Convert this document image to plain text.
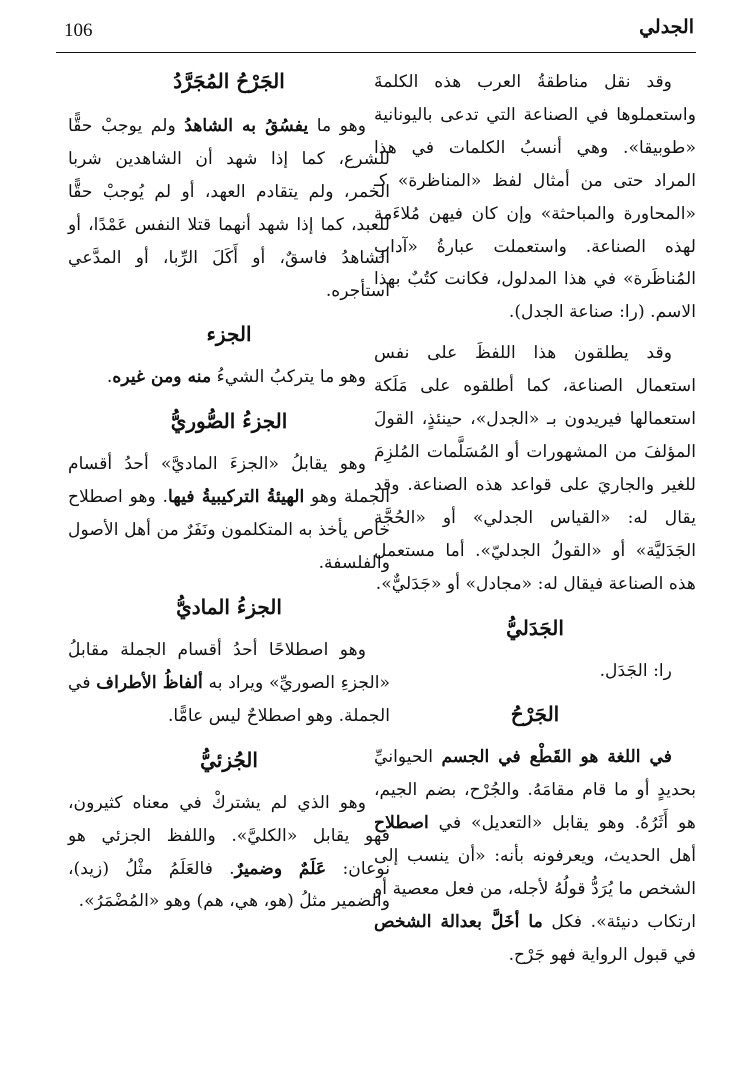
106	الجدلي

وقد نقل مناطقةُ العرب هذه الكلمةَ واستعملوها في الصناعة التي تدعى باليونانية «طوبيقا». وهي أنسبُ الكلمات في هذا المراد حتى من أمثال لفظ «المناظرة» كـ «المحاورة والمباحثة» وإن كان فيهن مُلاءَمة لهذه الصناعة. واستعملت عبارةُ «آدابِ المُناظَرة» في هذا المدلول، فكانت كتُبٌ بهذا الاسم. (را: صناعة الجدل).

وقد يطلقون هذا اللفظَ على نفس استعمال الصناعة، كما أطلقوه على مَلَكة استعمالها فيريدون بـ «الجدل»، حينئذٍ، القولَ المؤلفَ من المشهورات أو المُسَلَّمات المُلزِمَ للغير والجاريَ على قواعد هذه الصناعة. وقد يقال له: «القياس الجدلي» أو «الحُجَّة الجَدَليَّة» أو «القولُ الجدليّ». أما مستعمل هذه الصناعة فيقال له: «مجادل» أو «جَدَليٌّ».

الجَدَليُّ

را: الجَدَل.

الجَرْحُ

في اللغة هو القَطْع في الجسم الحيوانيِّ بحديدٍ أو ما قام مقامَهُ. والجُرْح، بضم الجيم، هو أَثَرُهُ. وهو يقابل «التعديل» في اصطلاح أهل الحديث، ويعرفونه بأنه: «أن ينسب إلى الشخص ما يُرَدُّ قولُهُ لأجله، من فعل معصية أو ارتكاب دنيئة». فكل ما أخَلَّ بعدالة الشخص في قبول الرواية فهو جَرْح.

الجَرْحُ المُجَرَّدُ

وهو ما يفسُقُ به الشاهدُ ولم يوجبْ حقًّا للشرع، كما إذا شهد أن الشاهدين شربا الخمر، ولم يتقادم العهد، أو لم يُوجبْ حقًّا للعبد، كما إذا شهد أنهما قتلا النفس عَمْدًا، أو الشاهدُ فاسقٌ، أو أَكَلَ الرِّبا، أو المدَّعي استأجره.

الجزء

وهو ما يتركبُ الشيءُ منه ومن غيره.

الجزءُ الصُّوريُّ

وهو يقابلُ «الجزءَ الماديَّ» أحدُ أقسام الجملة وهو الهيئةُ التركيبيةُ فيها. وهو اصطلاح خاص يأخذ به المتكلمون ونَفَرٌ من أهل الأصول والفلسفة.

الجزءُ الماديُّ

وهو اصطلاحًا أحدُ أقسام الجملة مقابلُ «الجزءِ الصوريِّ» ويراد به ألفاظُ الأطراف في الجملة. وهو اصطلاحٌ ليس عامًّا.

الجُزئيُّ

وهو الذي لم يشتركْ في معناه كثيرون، فهو يقابل «الكليَّ». واللفظ الجزئي هو نوعان: عَلَمٌ وضميرٌ. فالعَلَمُ مثْلُ (زيد)، والضمير مثلُ (هو، هي، هم) وهو «المُضْمَرُ».
